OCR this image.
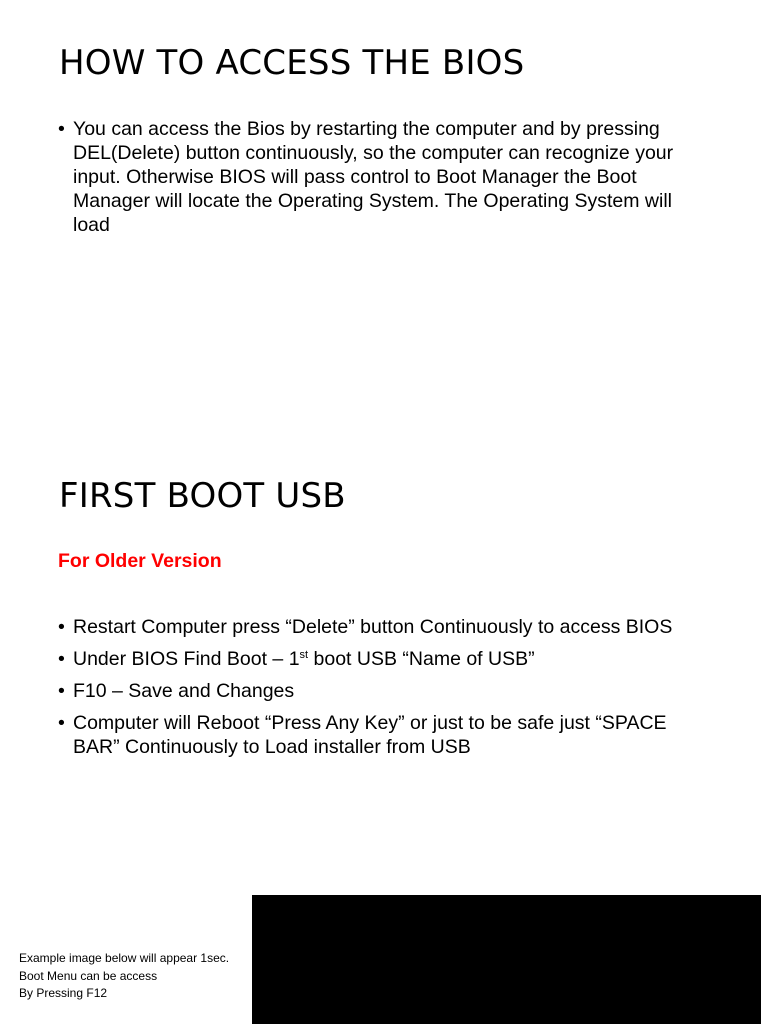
HOW TO ACCESS THE BIOS
• You can access the Bios by restarting the computer and by pressing DEL(Delete) button continuously, so the computer can recognize your input. Otherwise BIOS will pass control to Boot Manager the Boot Manager will locate the Operating System. The Operating System will load
FIRST BOOT USB

For Older Version

• Restart Computer press “Delete” button Continuously to access BIOS
• Under BIOS Find Boot – 1st boot USB “Name of USB”
• F10 – Save and Changes
• Computer will Reboot “Press Any Key” or just to be safe just “SPACE BAR” Continuously to Load installer from USB
Example image below will appear 1sec.
Boot Menu can be access
By Pressing F12
